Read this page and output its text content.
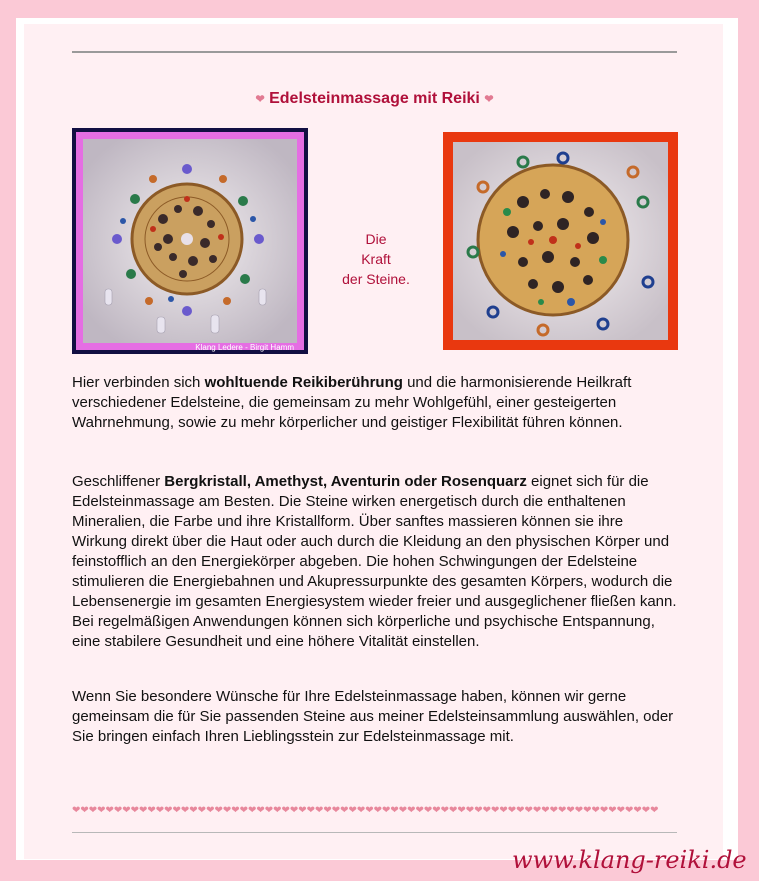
❤ Edelsteinmassage mit Reiki ❤
Klang Ledere - Birgit Hamm
Die
Kraft
der Steine.

Hier verbinden sich wohltuende Reikiberührung und die harmonisierende Heilkraft verschiedener Edelsteine, die gemeinsam zu mehr Wohlgefühl, einer gesteigerten Wahrnehmung, sowie zu mehr körperlicher und geistiger Flexibilität führen können.

Geschliffener Bergkristall, Amethyst, Aventurin oder Rosenquarz eignet sich für die Edelsteinmassage am Besten. Die Steine wirken energetisch durch die enthaltenen Mineralien, die Farbe und ihre Kristallform. Über sanftes massieren können sie ihre Wirkung direkt über die Haut oder auch durch die Kleidung an den physischen Körper und feinstofflich an den Energiekörper abgeben. Die hohen Schwingungen der Edelsteine stimulieren die Energiebahnen und Akupressurpunkte des gesamten Körpers, wodurch die Lebensenergie im gesamten Energiesystem wieder freier und ausgeglichener fließen kann. Bei regelmäßigen Anwendungen können sich körperliche und psychische Entspannung, eine stabilere Gesundheit und eine höhere Vitalität einstellen.

Wenn Sie besondere Wünsche für Ihre Edelsteinmassage haben, können wir gerne gemeinsam die für Sie passenden Steine aus meiner Edelsteinsammlung auswählen, oder Sie bringen einfach Ihren Lieblingsstein zur Edelsteinmassage mit.

❤❤❤❤❤❤❤❤❤❤❤❤❤❤❤❤❤❤❤❤❤❤❤❤❤❤❤❤❤❤❤❤❤❤❤❤❤❤❤❤❤❤❤❤❤❤❤❤❤❤❤❤❤❤❤❤❤❤❤❤❤❤❤❤❤❤❤❤❤❤
www.klang-reiki.de
